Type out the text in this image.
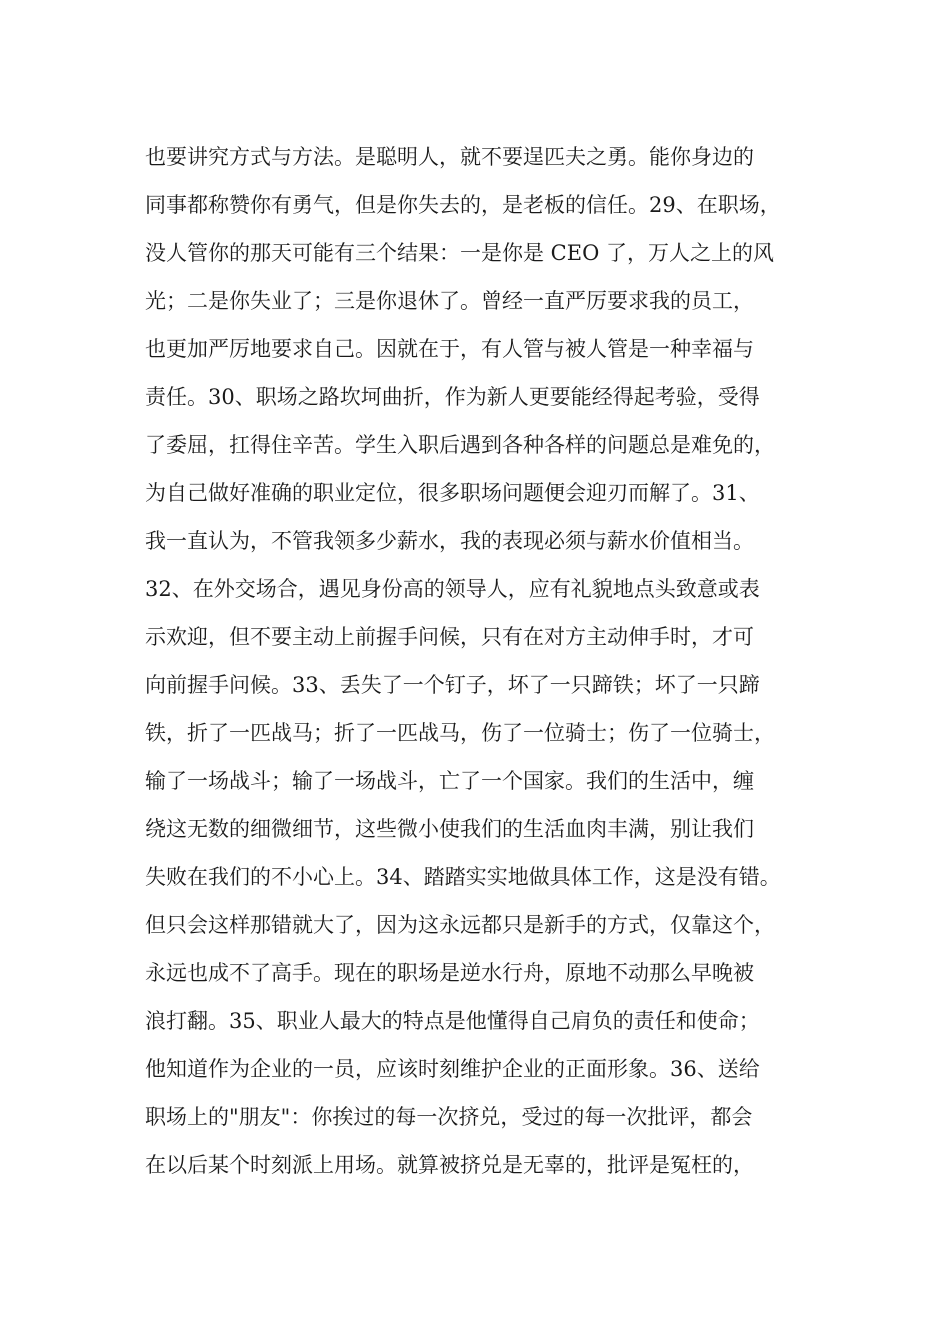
也要讲究方式与方法。是聪明人，就不要逞匹夫之勇。能你身边的
同事都称赞你有勇气，但是你失去的，是老板的信任。29、在职场，
没人管你的那天可能有三个结果：一是你是 CEO 了，万人之上的风
光；二是你失业了；三是你退休了。曾经一直严厉要求我的员工，
也更加严厉地要求自己。因就在于，有人管与被人管是一种幸福与
责任。30、职场之路坎坷曲折，作为新人更要能经得起考验，受得
了委屈，扛得住辛苦。学生入职后遇到各种各样的问题总是难免的，
为自己做好准确的职业定位，很多职场问题便会迎刃而解了。31、
我一直认为，不管我领多少薪水，我的表现必须与薪水价值相当。
32、在外交场合，遇见身份高的领导人，应有礼貌地点头致意或表
示欢迎，但不要主动上前握手问候，只有在对方主动伸手时，才可
向前握手问候。33、丢失了一个钉子，坏了一只蹄铁；坏了一只蹄
铁，折了一匹战马；折了一匹战马，伤了一位骑士；伤了一位骑士，
输了一场战斗；输了一场战斗，亡了一个国家。我们的生活中，缠
绕这无数的细微细节，这些微小使我们的生活血肉丰满，别让我们
失败在我们的不小心上。34、踏踏实实地做具体工作，这是没有错。
但只会这样那错就大了，因为这永远都只是新手的方式，仅靠这个，
永远也成不了高手。现在的职场是逆水行舟，原地不动那么早晚被
浪打翻。35、职业人最大的特点是他懂得自己肩负的责任和使命；
他知道作为企业的一员，应该时刻维护企业的正面形象。36、送给
职场上的"朋友"：你挨过的每一次挤兑，受过的每一次批评，都会
在以后某个时刻派上用场。就算被挤兑是无辜的，批评是冤枉的，
